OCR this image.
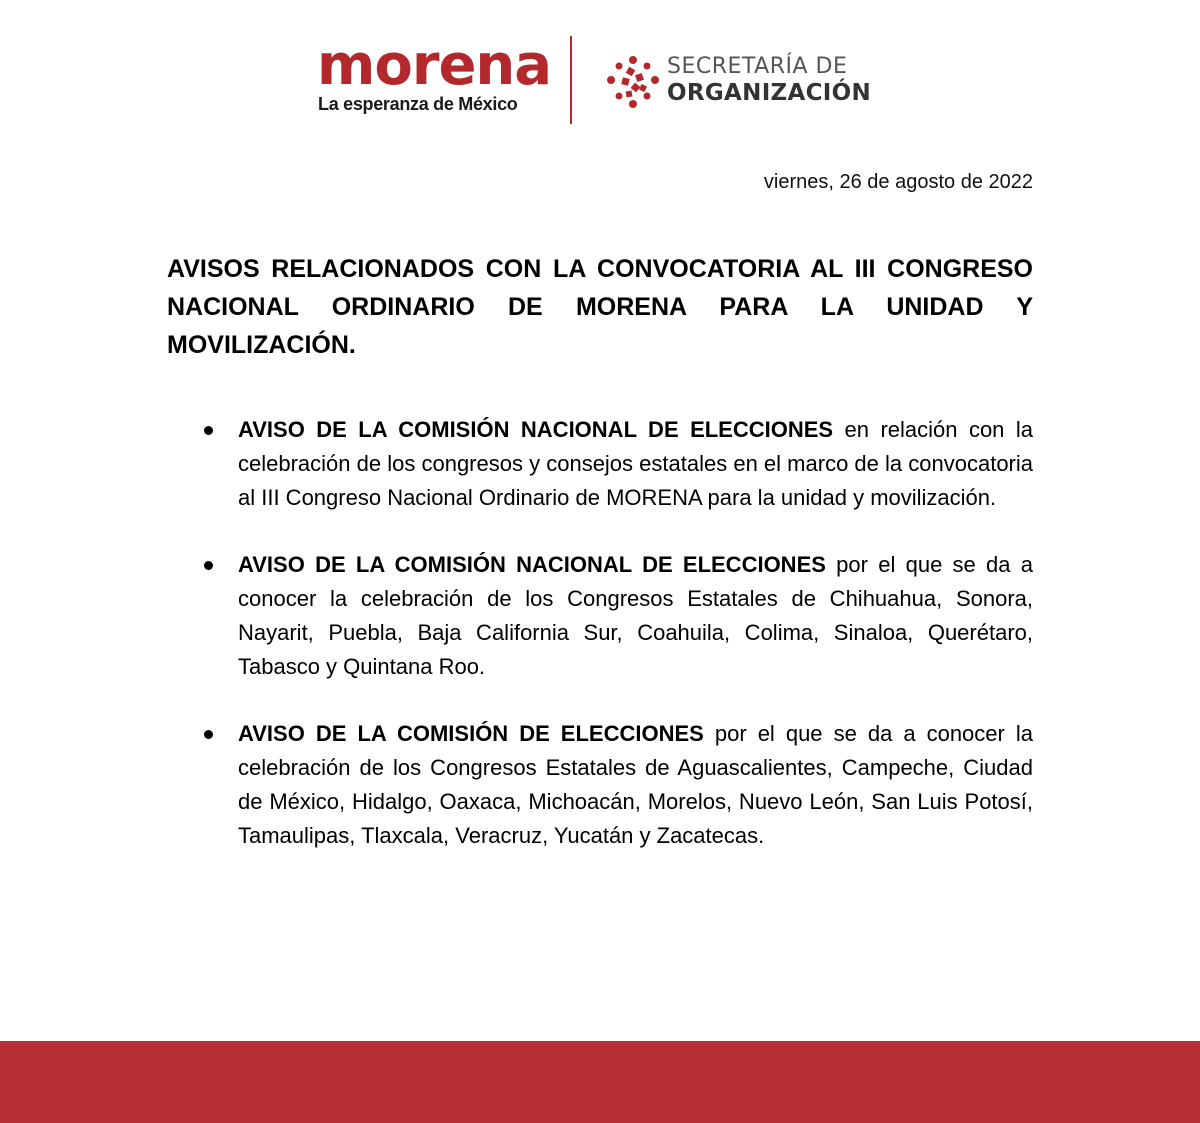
morena
La esperanza de México
SECRETARÍA DE
ORGANIZACIÓN
viernes, 26 de agosto de 2022
AVISOS RELACIONADOS CON LA CONVOCATORIA AL III CONGRESO NACIONAL ORDINARIO DE MORENA PARA LA UNIDAD Y MOVILIZACIÓN.
AVISO DE LA COMISIÓN NACIONAL DE ELECCIONES en relación con la celebración de los congresos y consejos estatales en el marco de la convocatoria al III Congreso Nacional Ordinario de MORENA para la unidad y movilización.
AVISO DE LA COMISIÓN NACIONAL DE ELECCIONES por el que se da a conocer la celebración de los Congresos Estatales de Chihuahua, Sonora, Nayarit, Puebla, Baja California Sur, Coahuila, Colima, Sinaloa, Querétaro, Tabasco y Quintana Roo.
AVISO DE LA COMISIÓN DE ELECCIONES por el que se da a conocer la celebración de los Congresos Estatales de Aguascalientes, Campeche, Ciudad de México, Hidalgo, Oaxaca, Michoacán, Morelos, Nuevo León, San Luis Potosí, Tamaulipas, Tlaxcala, Veracruz, Yucatán y Zacatecas.
